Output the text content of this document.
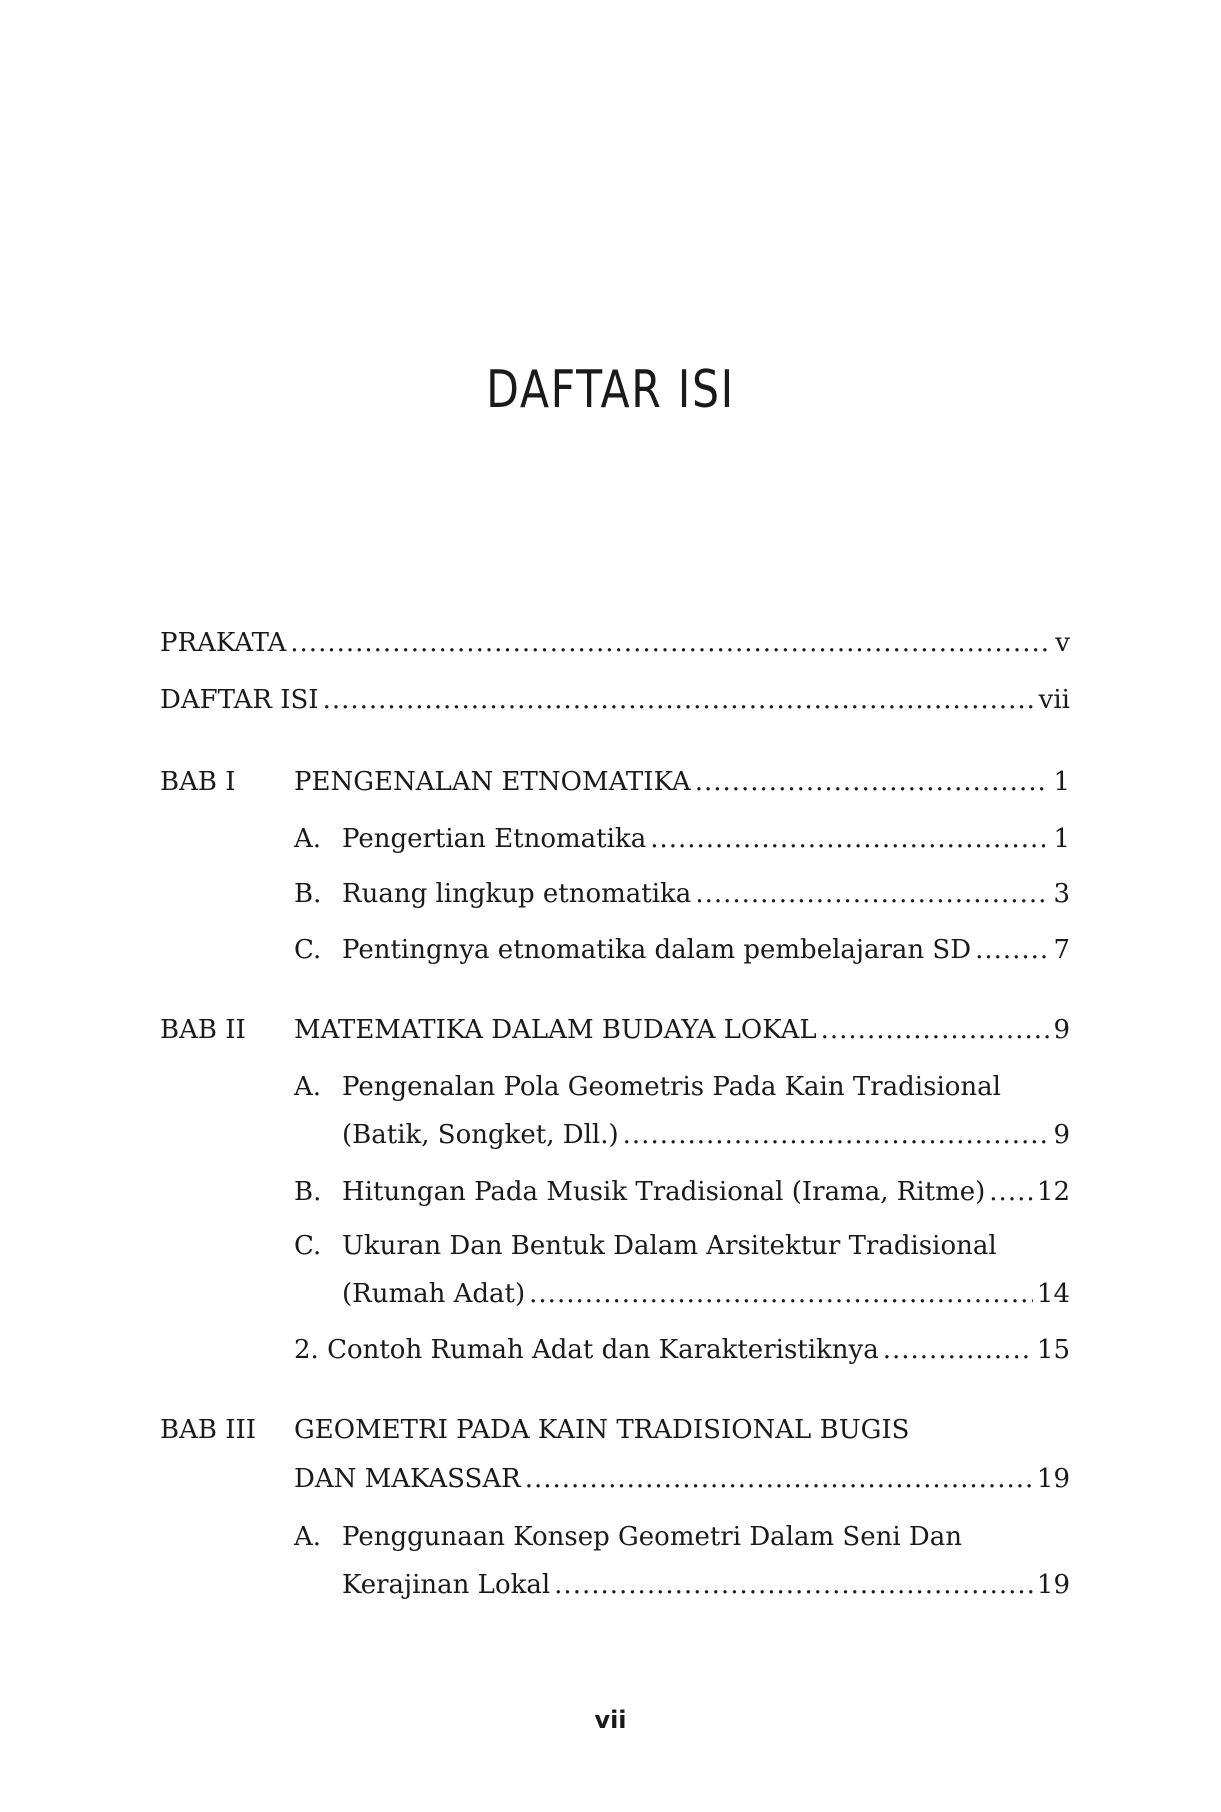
DAFTAR ISI
PRAKATA .....	v
DAFTAR ISI .....	vii
BAB I PENGENALAN ETNOMATIKA .....	1
A. Pengertian Etnomatika .....	1
B. Ruang lingkup etnomatika .....	3
C. Pentingnya etnomatika dalam pembelajaran SD .....	7
BAB II MATEMATIKA DALAM BUDAYA LOKAL .....	9
A. Pengenalan Pola Geometris Pada Kain Tradisional
(Batik, Songket, Dll.) .....	9
B. Hitungan Pada Musik Tradisional (Irama, Ritme) ..... 12
C. Ukuran Dan Bentuk Dalam Arsitektur Tradisional
(Rumah Adat) .....	14
2. Contoh Rumah Adat dan Karakteristiknya .....	15
BAB III GEOMETRI PADA KAIN TRADISIONAL BUGIS
DAN MAKASSAR .....	19
A. Penggunaan Konsep Geometri Dalam Seni Dan
Kerajinan Lokal .....	19
vii
